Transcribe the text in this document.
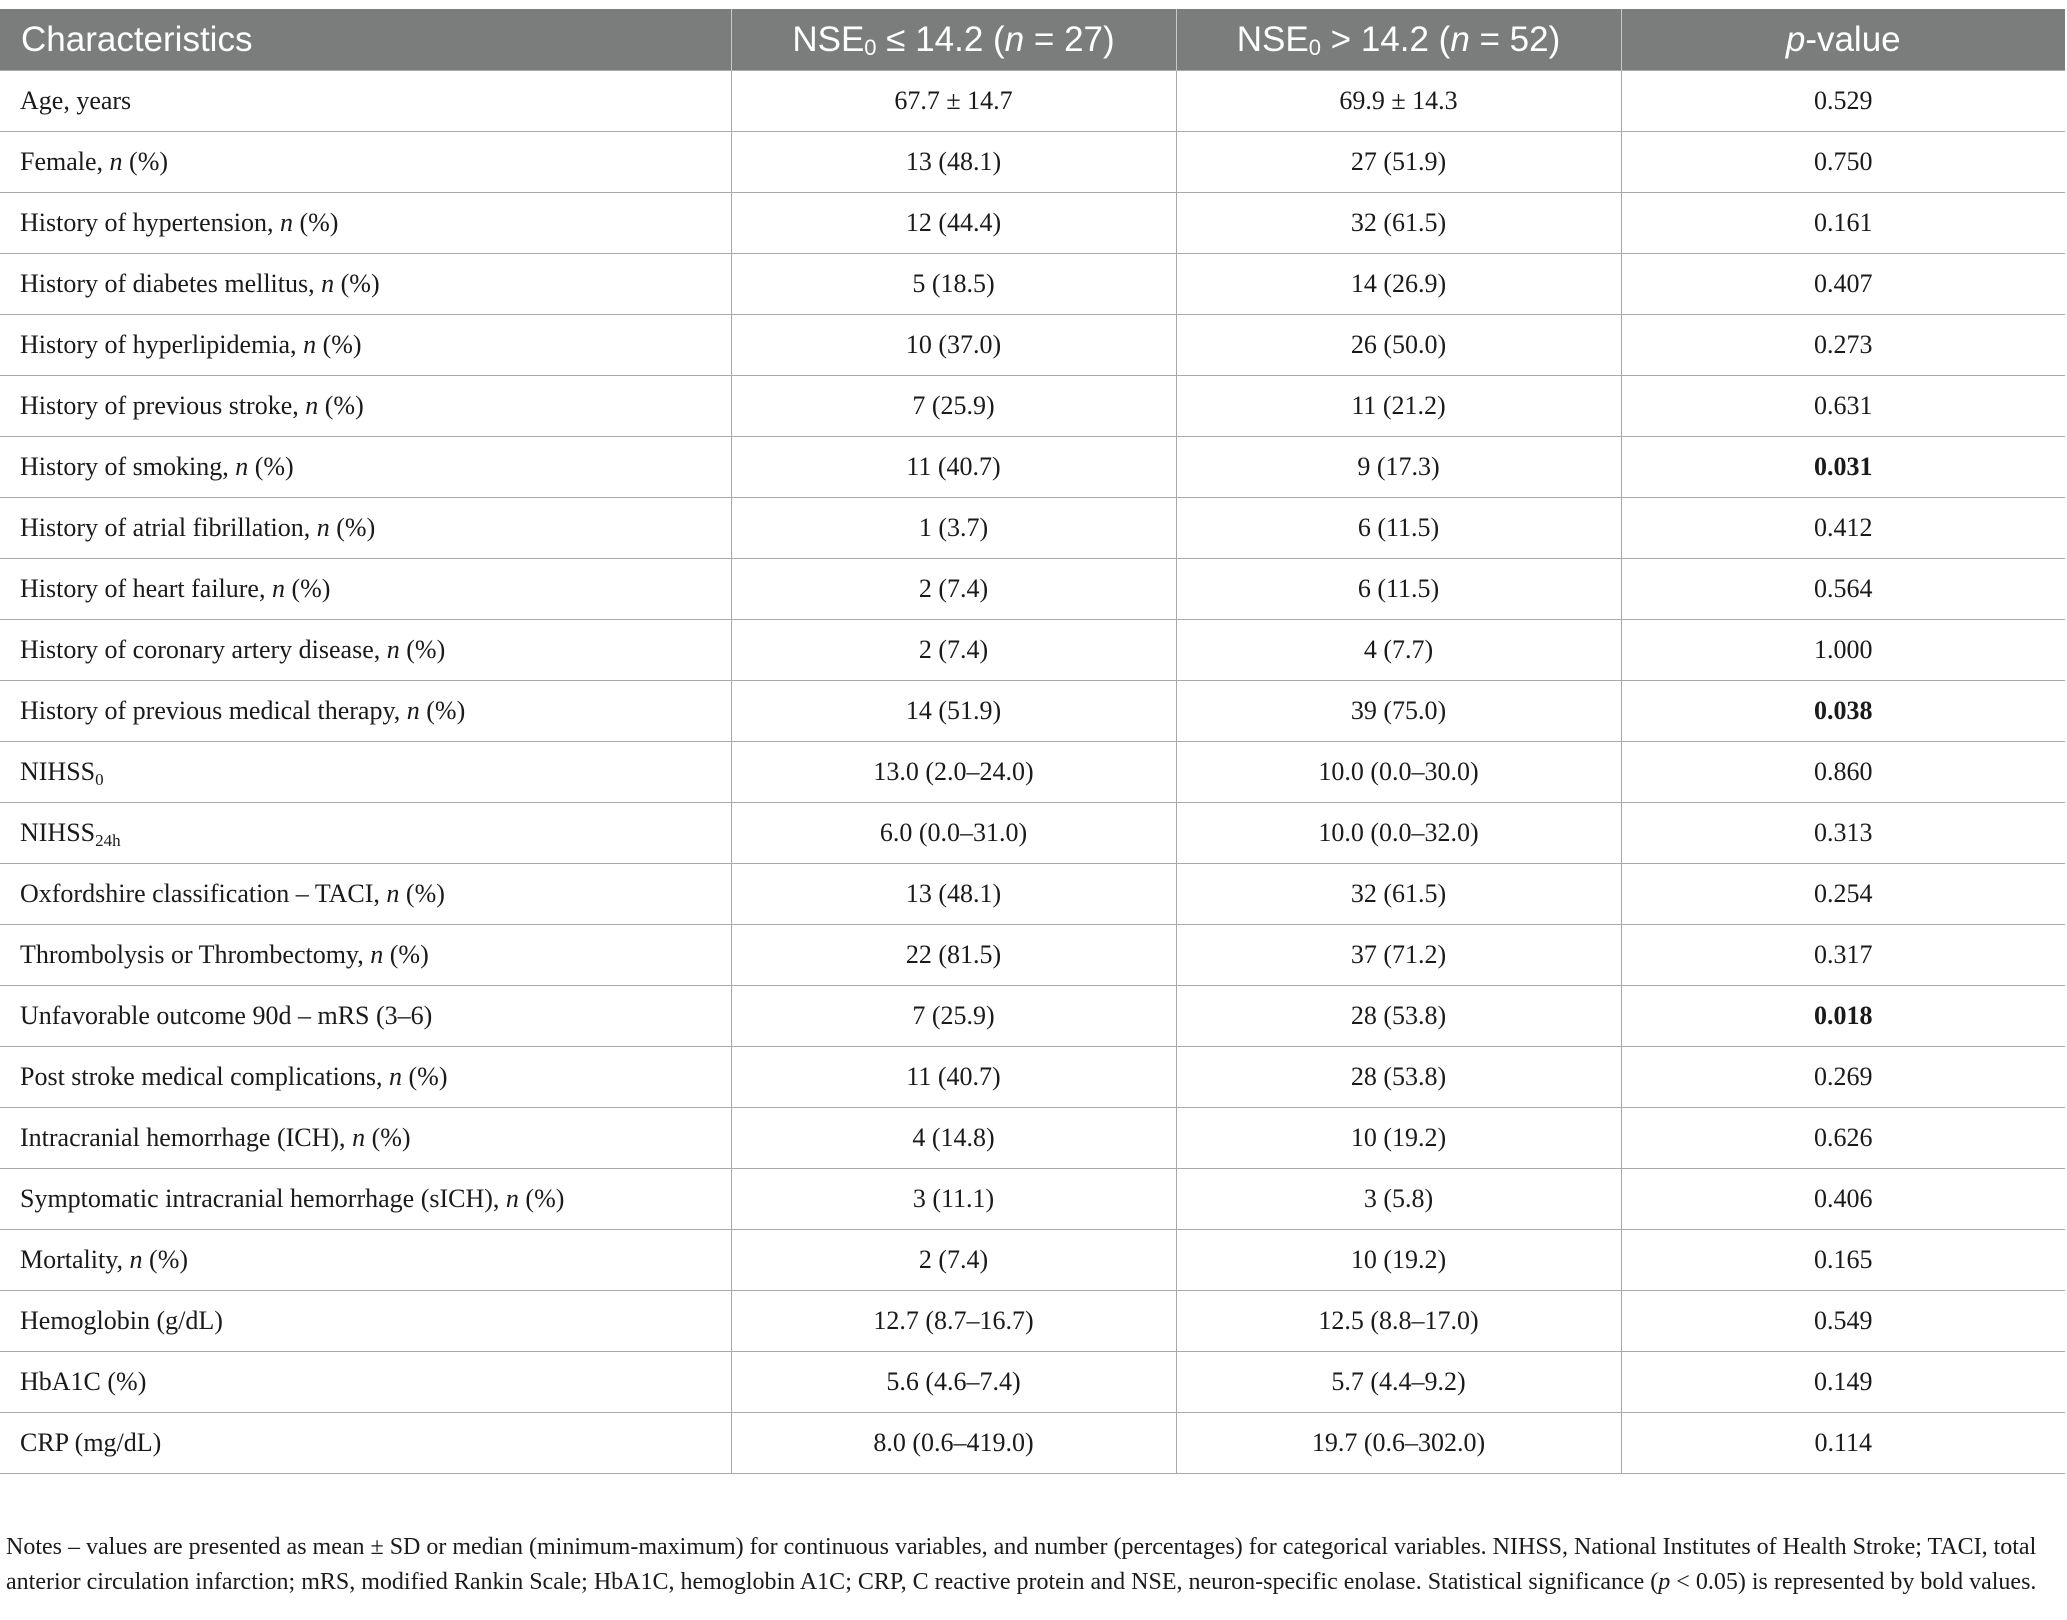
Characteristics	$NSE_0 \le 14.2$ (n = 27)	$NSE_0 > 14.2$ (n = 52)	p-value
Age, years	67.7 ± 14.7	69.9 ± 14.3	0.529
Female, n (%)	13 (48.1)	27 (51.9)	0.750
History of hypertension, n (%)	12 (44.4)	32 (61.5)	0.161
History of diabetes mellitus, n (%)	5 (18.5)	14 (26.9)	0.407
History of hyperlipidemia, n (%)	10 (37.0)	26 (50.0)	0.273
History of previous stroke, n (%)	7 (25.9)	11 (21.2)	0.631
History of smoking, n (%)	11 (40.7)	9 (17.3)	0.031
History of atrial fibrillation, n (%)	1 (3.7)	6 (11.5)	0.412
History of heart failure, n (%)	2 (7.4)	6 (11.5)	0.564
History of coronary artery disease, n (%)	2 (7.4)	4 (7.7)	1.000
History of previous medical therapy, n (%)	14 (51.9)	39 (75.0)	0.038
$NIHSS_0$	13.0 (2.0–24.0)	10.0 (0.0–30.0)	0.860
$NIHSS_{24h}$	6.0 (0.0–31.0)	10.0 (0.0–32.0)	0.313
Oxfordshire classification – TACI, n (%)	13 (48.1)	32 (61.5)	0.254
Thrombolysis or Thrombectomy, n (%)	22 (81.5)	37 (71.2)	0.317
Unfavorable outcome 90d – mRS (3–6)	7 (25.9)	28 (53.8)	0.018
Post stroke medical complications, n (%)	11 (40.7)	28 (53.8)	0.269
Intracranial hemorrhage (ICH), n (%)	4 (14.8)	10 (19.2)	0.626
Symptomatic intracranial hemorrhage (sICH), n (%)	3 (11.1)	3 (5.8)	0.406
Mortality, n (%)	2 (7.4)	10 (19.2)	0.165
Hemoglobin (g/dL)	12.7 (8.7–16.7)	12.5 (8.8–17.0)	0.549
HbA1C (%)	5.6 (4.6–7.4)	5.7 (4.4–9.2)	0.149
CRP (mg/dL)	8.0 (0.6–419.0)	19.7 (0.6–302.0)	0.114
Notes – values are presented as mean ± SD or median (minimum-maximum) for continuous variables, and number (percentages) for categorical variables. NIHSS, National Institutes of Health Stroke; TACI, total anterior circulation infarction; mRS, modified Rankin Scale; HbA1C, hemoglobin A1C; CRP, C reactive protein and NSE, neuron-specific enolase. Statistical significance (p < 0.05) is represented by bold values.
